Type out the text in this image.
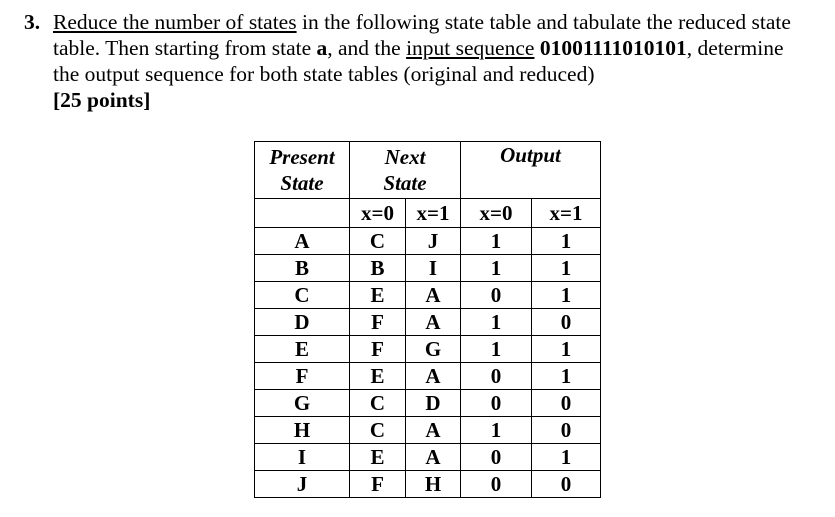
3. Reduce the number of states in the following state table and tabulate the reduced state
table. Then starting from state a, and the input sequence 01001111010101, determine
the output sequence for both state tables (original and reduced)
[25 points]
Present
State	Next
State		Output	
	x=0	x=1	x=0	x=1
A	C	J	1	1
B	B	I	1	1
C	E	A	0	1
D	F	A	1	0
E	F	G	1	1
F	E	A	0	1
G	C	D	0	0
H	C	A	1	0
I	E	A	0	1
J	F	H	0	0
